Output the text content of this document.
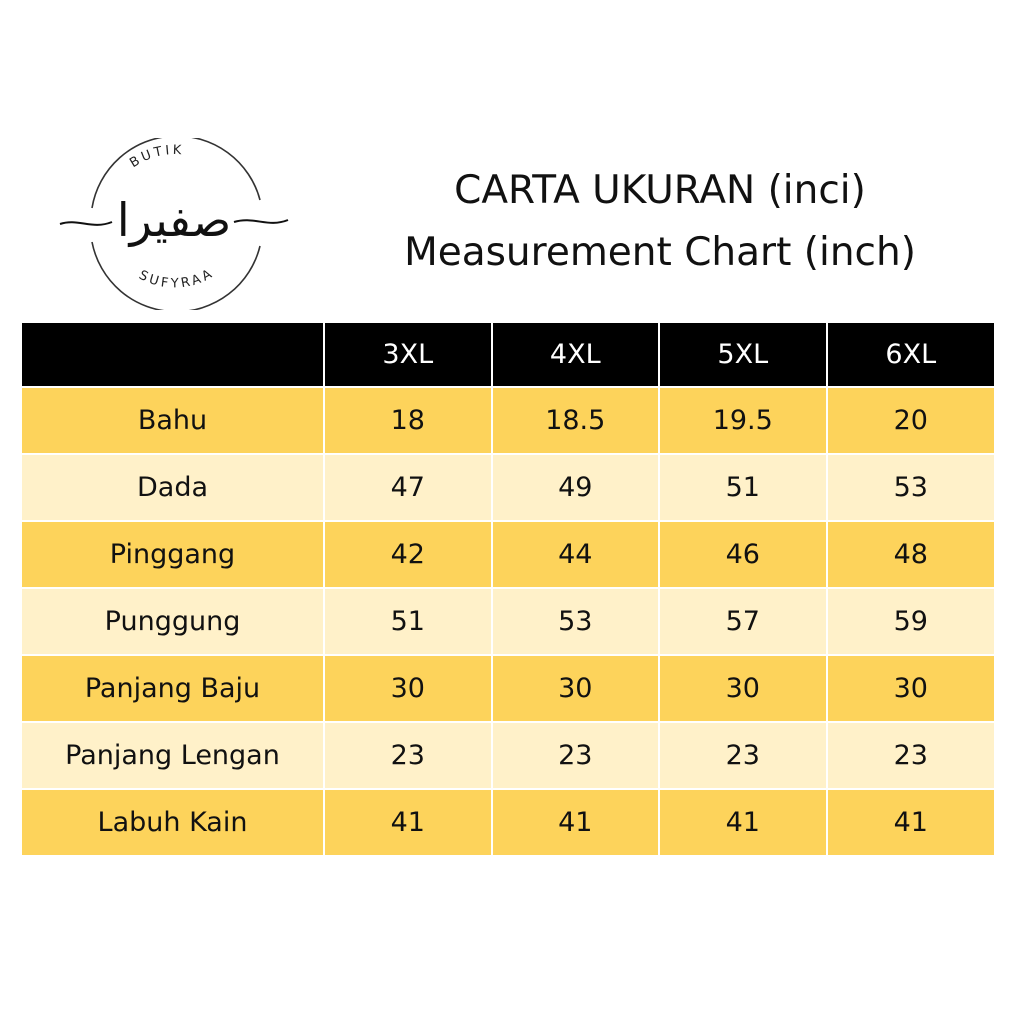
BUTIK
صفيرا
SUFYRAA
CARTA UKURAN (inci)
Measurement Chart (inch)
	3XL	4XL	5XL	6XL
Bahu	18	18.5	19.5	20
Dada	47	49	51	53
Pinggang	42	44	46	48
Punggung	51	53	57	59
Panjang Baju	30	30	30	30
Panjang Lengan	23	23	23	23
Labuh Kain	41	41	41	41
